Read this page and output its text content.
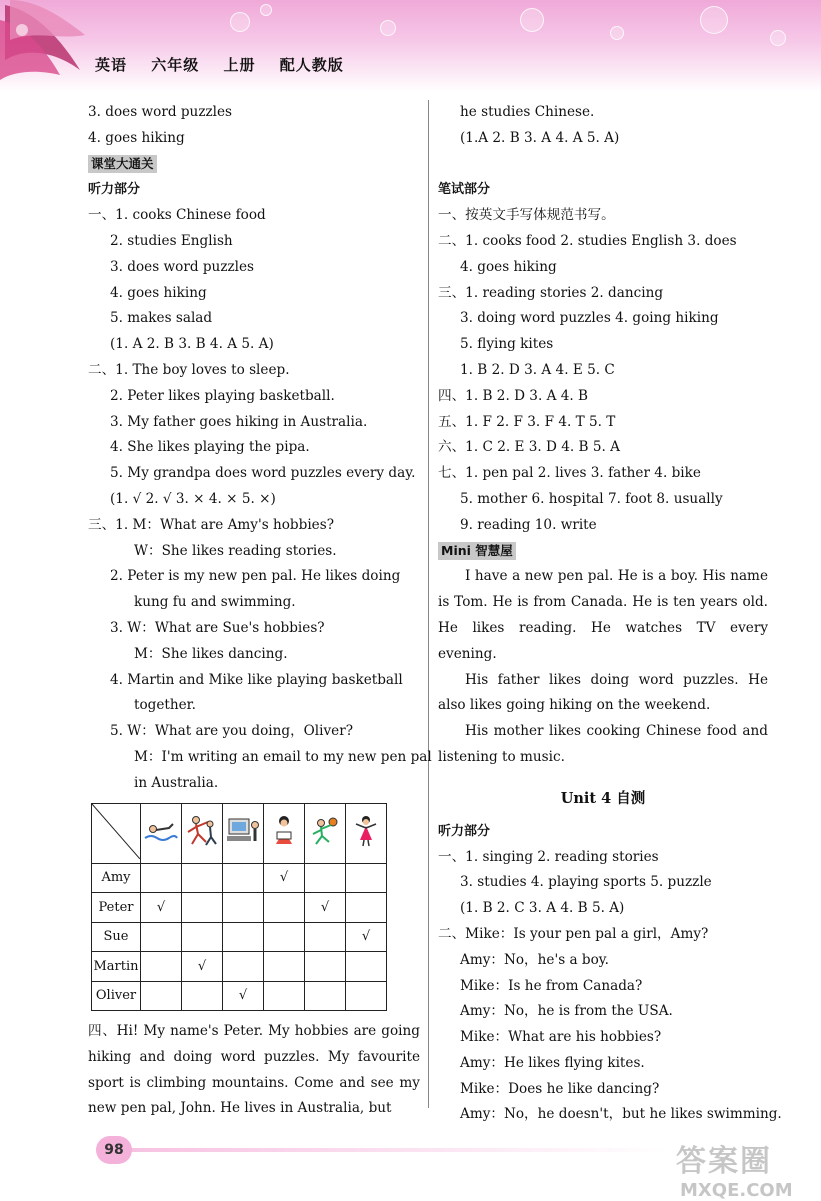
英语 六年级 上册 配人教版
3. does word puzzles
4. goes hiking
课堂大通关
听力部分
一、1. cooks Chinese food
2. studies English
3. does word puzzles
4. goes hiking
5. makes salad
(1. A 2. B 3. B 4. A 5. A)
二、1. The boy loves to sleep.
2. Peter likes playing basketball.
3. My father goes hiking in Australia.
4. She likes playing the pipa.
5. My grandpa does word puzzles every day.
(1. √ 2. √ 3. × 4. × 5. ×)
三、1. M：What are Amy's hobbies?
W：She likes reading stories.
2. Peter is my new pen pal. He likes doing
kung fu and swimming.
3. W：What are Sue's hobbies?
M：She likes dancing.
4. Martin and Mike like playing basketball
together.
5. W：What are you doing，Oliver?
M：I'm writing an email to my new pen pal
in Australia.

Amy				√		
Peter	√				√	
Sue						√
Martin		√				
Oliver			√			
四、Hi! My name's Peter. My hobbies are going hiking and doing word puzzles. My favourite sport is climbing mountains. Come and see my new pen pal, John. He lives in Australia, but
he studies Chinese.
(1.A 2. B 3. A 4. A 5. A)
笔试部分
一、按英文手写体规范书写。
二、1. cooks food 2. studies English 3. does
4. goes hiking
三、1. reading stories 2. dancing
3. doing word puzzles 4. going hiking
5. flying kites
1. B 2. D 3. A 4. E 5. C
四、1. B 2. D 3. A 4. B
五、1. F 2. F 3. F 4. T 5. T
六、1. C 2. E 3. D 4. B 5. A
七、1. pen pal 2. lives 3. father 4. bike
5. mother 6. hospital 7. foot 8. usually
9. reading 10. write
Mini 智慧屋
I have a new pen pal. He is a boy. His name is Tom. He is from Canada. He is ten years old. He likes reading. He watches TV every evening.
His father likes doing word puzzles. He also likes going hiking on the weekend.
His mother likes cooking Chinese food and listening to music.
Unit 4 自测
听力部分
一、1. singing 2. reading stories
3. studies 4. playing sports 5. puzzle
(1. B 2. C 3. A 4. B 5. A)
二、Mike：Is your pen pal a girl，Amy?
Amy：No，he's a boy.
Mike：Is he from Canada?
Amy：No，he is from the USA.
Mike：What are his hobbies?
Amy：He likes flying kites.
Mike：Does he like dancing?
Amy：No，he doesn't，but he likes swimming.
98	答案圈
MXQE.COM
